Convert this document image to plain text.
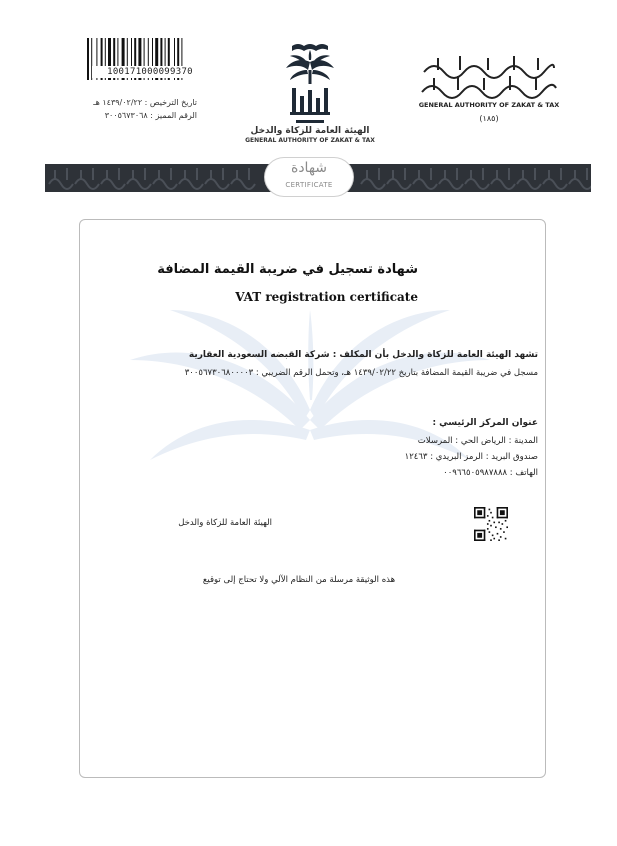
100171000099370
تاريخ الترخيص : ١٤٣٩/٠٢/٢٢ هـ
الرقم المميز : ٣٠٠٥٦٧٣٠٦٨
الهيئة العامة للزكاة والدخل
GENERAL AUTHORITY OF ZAKAT & TAX
GENERAL AUTHORITY OF ZAKAT & TAX
(١٨٥)
شهادة
CERTIFICATE
شهادة تسجيل في ضريبة القيمة المضافة
VAT registration certificate
تشهد الهيئة العامة للزكاة والدخل بأن المكلف : شركة القبضه السعودية العقارية
مسجل في ضريبة القيمة المضافة بتاريخ ١٤٣٩/٠٢/٢٢ هـ، وتحمل الرقم الضريبي : ٣٠٠٥٦٧٣٠٦٨٠٠٠٠٣
عنوان المركز الرئيسي :
المدينة : الرياض الحي : المرسلات
صندوق البريد : الرمز البريدي : ١٢٤٦٣
الهاتف : ٠٠٩٦٦٥٠٥٩٨٧٨٨٨
الهيئة العامة للزكاة والدخل
هذه الوثيقة مرسلة من النظام الآلي ولا تحتاج إلى توقيع
